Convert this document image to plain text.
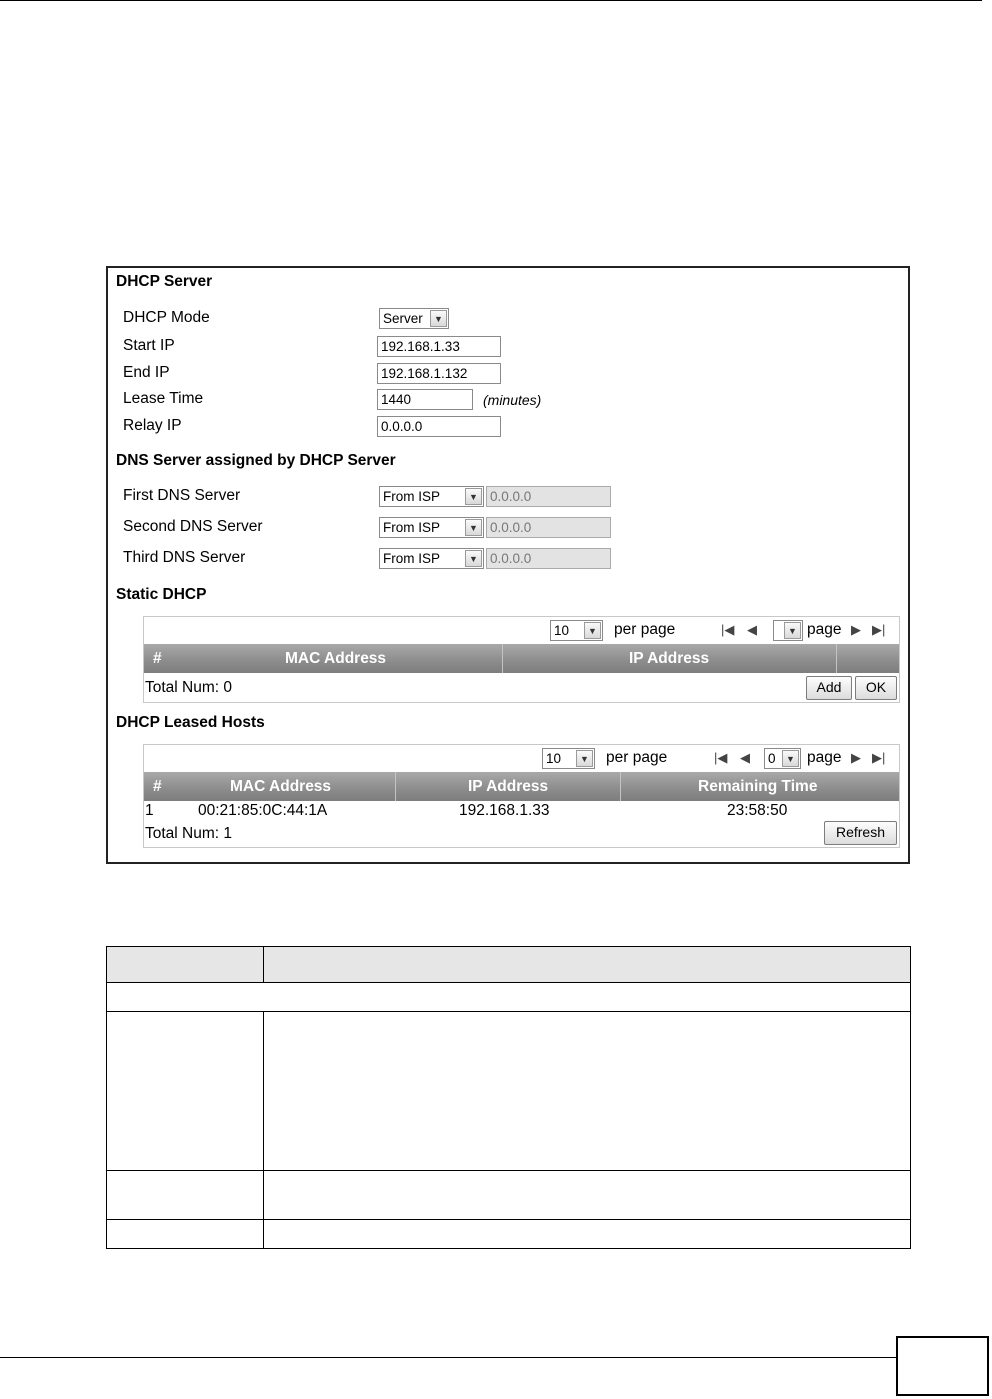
DHCP Server
DHCP Mode	Server	▼
Start IP	192.168.1.33
End IP	192.168.1.132
Lease Time	1440	(minutes)
Relay IP	0.0.0.0
DNS Server assigned by DHCP Server
First DNS Server	From ISP	▼ 0.0.0.0
Second DNS Server	From ISP	▼ 0.0.0.0
Third DNS Server	From ISP	▼ 0.0.0.0
Static DHCP
10	▼ per page	|◀ ◀	▼ page ▶ ▶|
#	MAC Address	IP Address
Total Num: 0	Add	OK
DHCP Leased Hosts
10	▼ per page	|◀ ◀ 0	▼ page ▶ ▶|
#	MAC Address	IP Address	Remaining Time
1	00:21:85:0C:44:1A	192.168.1.33	23:58:50
Total Num: 1	Refresh
